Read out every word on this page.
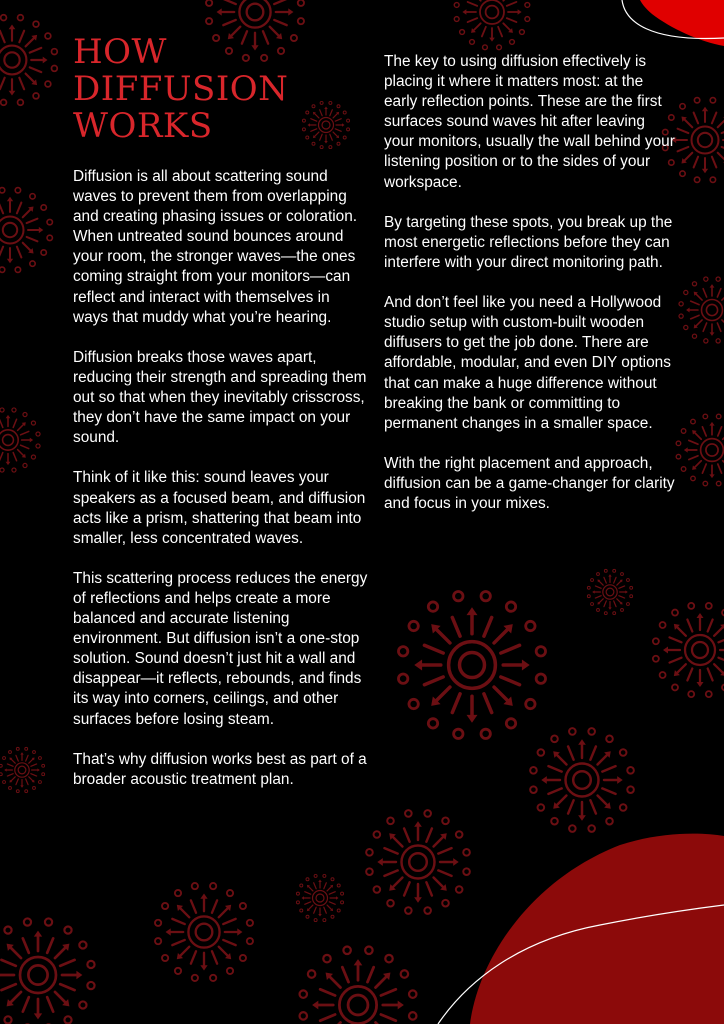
HOW
DIFFUSION
WORKS

Diffusion is all about scattering sound waves to prevent them from overlapping and creating phasing issues or coloration. When untreated sound bounces around your room, the stronger waves—the ones coming straight from your monitors—can reflect and interact with themselves in ways that muddy what you’re hearing.

Diffusion breaks those waves apart, reducing their strength and spreading them out so that when they inevitably crisscross, they don’t have the same impact on your sound.

Think of it like this: sound leaves your speakers as a focused beam, and diffusion acts like a prism, shattering that beam into smaller, less concentrated waves.

This scattering process reduces the energy of reflections and helps create a more balanced and accurate listening environment. But diffusion isn’t a one-stop solution. Sound doesn’t just hit a wall and disappear—it reflects, rebounds, and finds its way into corners, ceilings, and other surfaces before losing steam.

That’s why diffusion works best as part of a broader acoustic treatment plan.

The key to using diffusion effectively is placing it where it matters most: at the early reflection points. These are the first surfaces sound waves hit after leaving your monitors, usually the wall behind your listening position or to the sides of your workspace.

By targeting these spots, you break up the most energetic reflections before they can interfere with your direct monitoring path.

And don’t feel like you need a Hollywood studio setup with custom-built wooden diffusers to get the job done. There are affordable, modular, and even DIY options that can make a huge difference without breaking the bank or committing to permanent changes in a smaller space.

With the right placement and approach, diffusion can be a game-changer for clarity and focus in your mixes.
